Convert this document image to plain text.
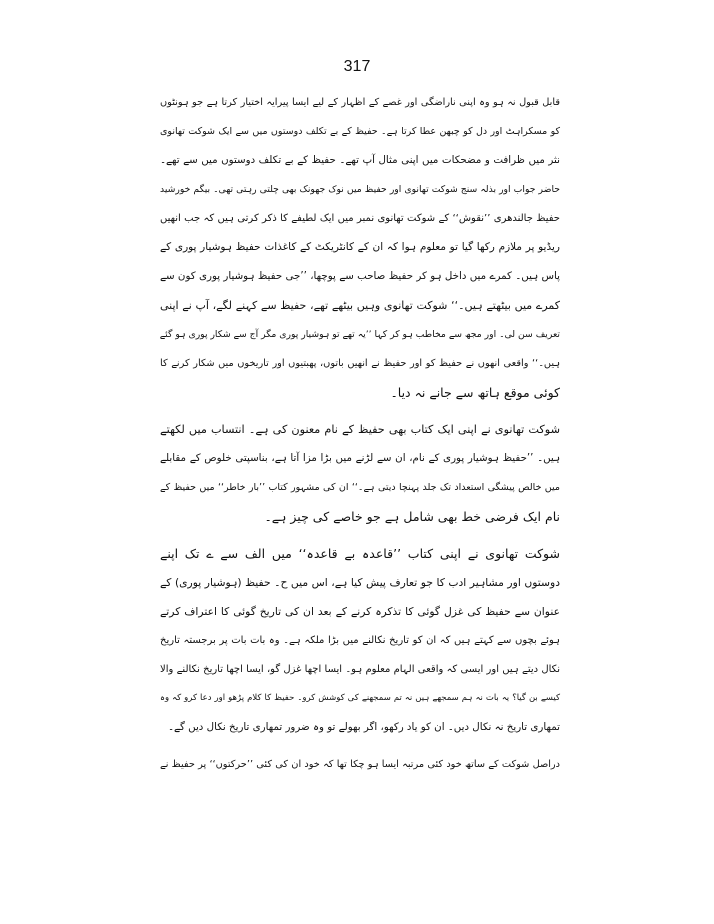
317
قابل قبول نہ ہو وہ اپنی ناراضگی اور غصے کے اظہار کے لیے ایسا پیرایہ اختیار کرتا ہے جو ہونٹوں
کو مسکراہٹ اور دل کو چبھن عطا کرتا ہے۔ حفیظ کے بے تکلف دوستوں میں سے ایک شوکت تھانوی
نثر میں ظرافت و مضحکات میں اپنی مثال آپ تھے۔ حفیظ کے بے تکلف دوستوں میں سے تھے۔
حاضر جواب اور بذلہ سنج شوکت تھانوی اور حفیظ میں نوک جھونک بھی چلتی رہتی تھی۔ بیگم خورشید
حفیظ جالندھری ’’نقوش‘‘ کے شوکت تھانوی نمبر میں ایک لطیفے کا ذکر کرتی ہیں کہ جب انھیں
ریڈیو پر ملازم رکھا گیا تو معلوم ہوا کہ ان کے کانٹریکٹ کے کاغذات حفیظ ہوشیار پوری کے
پاس ہیں۔ کمرے میں داخل ہو کر حفیظ صاحب سے پوچھا، ’’جی حفیظ ہوشیار پوری کون سے
کمرے میں بیٹھتے ہیں۔‘‘ شوکت تھانوی وہیں بیٹھے تھے، حفیظ سے کہنے لگے، آپ نے اپنی
تعریف سن لی۔ اور مجھ سے مخاطب ہو کر کہا ’’یہ تھے تو ہوشیار پوری مگر آج سے شکار پوری ہو گئے
ہیں۔‘‘ واقعی انھوں نے حفیظ کو اور حفیظ نے انھیں باتوں، پھبتیوں اور تاریخوں میں شکار کرنے کا
کوئی موقع ہاتھ سے جانے نہ دیا۔
شوکت تھانوی نے اپنی ایک کتاب بھی حفیظ کے نام معنون کی ہے۔ انتساب میں لکھتے
ہیں۔ ’’حفیظ ہوشیار پوری کے نام، ان سے لڑنے میں بڑا مزا آتا ہے، بناسپتی خلوص کے مقابلے
میں خالص پیشگی استعداد تک جلد پہنچا دیتی ہے۔‘‘ ان کی مشہور کتاب ’’بار خاطر‘‘ میں حفیظ کے
نام ایک فرضی خط بھی شامل ہے جو خاصے کی چیز ہے۔
شوکت تھانوی نے اپنی کتاب ’’قاعدہ بے قاعدہ‘‘ میں الف سے ے تک اپنے
دوستوں اور مشاہیر ادب کا جو تعارف پیش کیا ہے، اس میں ح۔ حفیظ (ہوشیار پوری) کے
عنوان سے حفیظ کی غزل گوئی کا تذکرہ کرنے کے بعد ان کی تاریخ گوئی کا اعتراف کرتے
ہوئے بچوں سے کہتے ہیں کہ ان کو تاریخ نکالنے میں بڑا ملکہ ہے۔ وہ بات بات پر برجستہ تاریخ
نکال دیتے ہیں اور ایسی کہ واقعی الہام معلوم ہو۔ ایسا اچھا غزل گو، ایسا اچھا تاریخ نکالنے والا
کیسے بن گیا؟ یہ بات نہ ہم سمجھے ہیں نہ تم سمجھنے کی کوشش کرو۔ حفیظ کا کلام پڑھو اور دعا کرو کہ وہ
تمھاری تاریخ نہ نکال دیں۔ ان کو یاد رکھو، اگر بھولے تو وہ ضرور تمھاری تاریخ نکال دیں گے۔
دراصل شوکت کے ساتھ خود کئی مرتبہ ایسا ہو چکا تھا کہ خود ان کی کئی ’’حرکتوں‘‘ پر حفیظ نے
